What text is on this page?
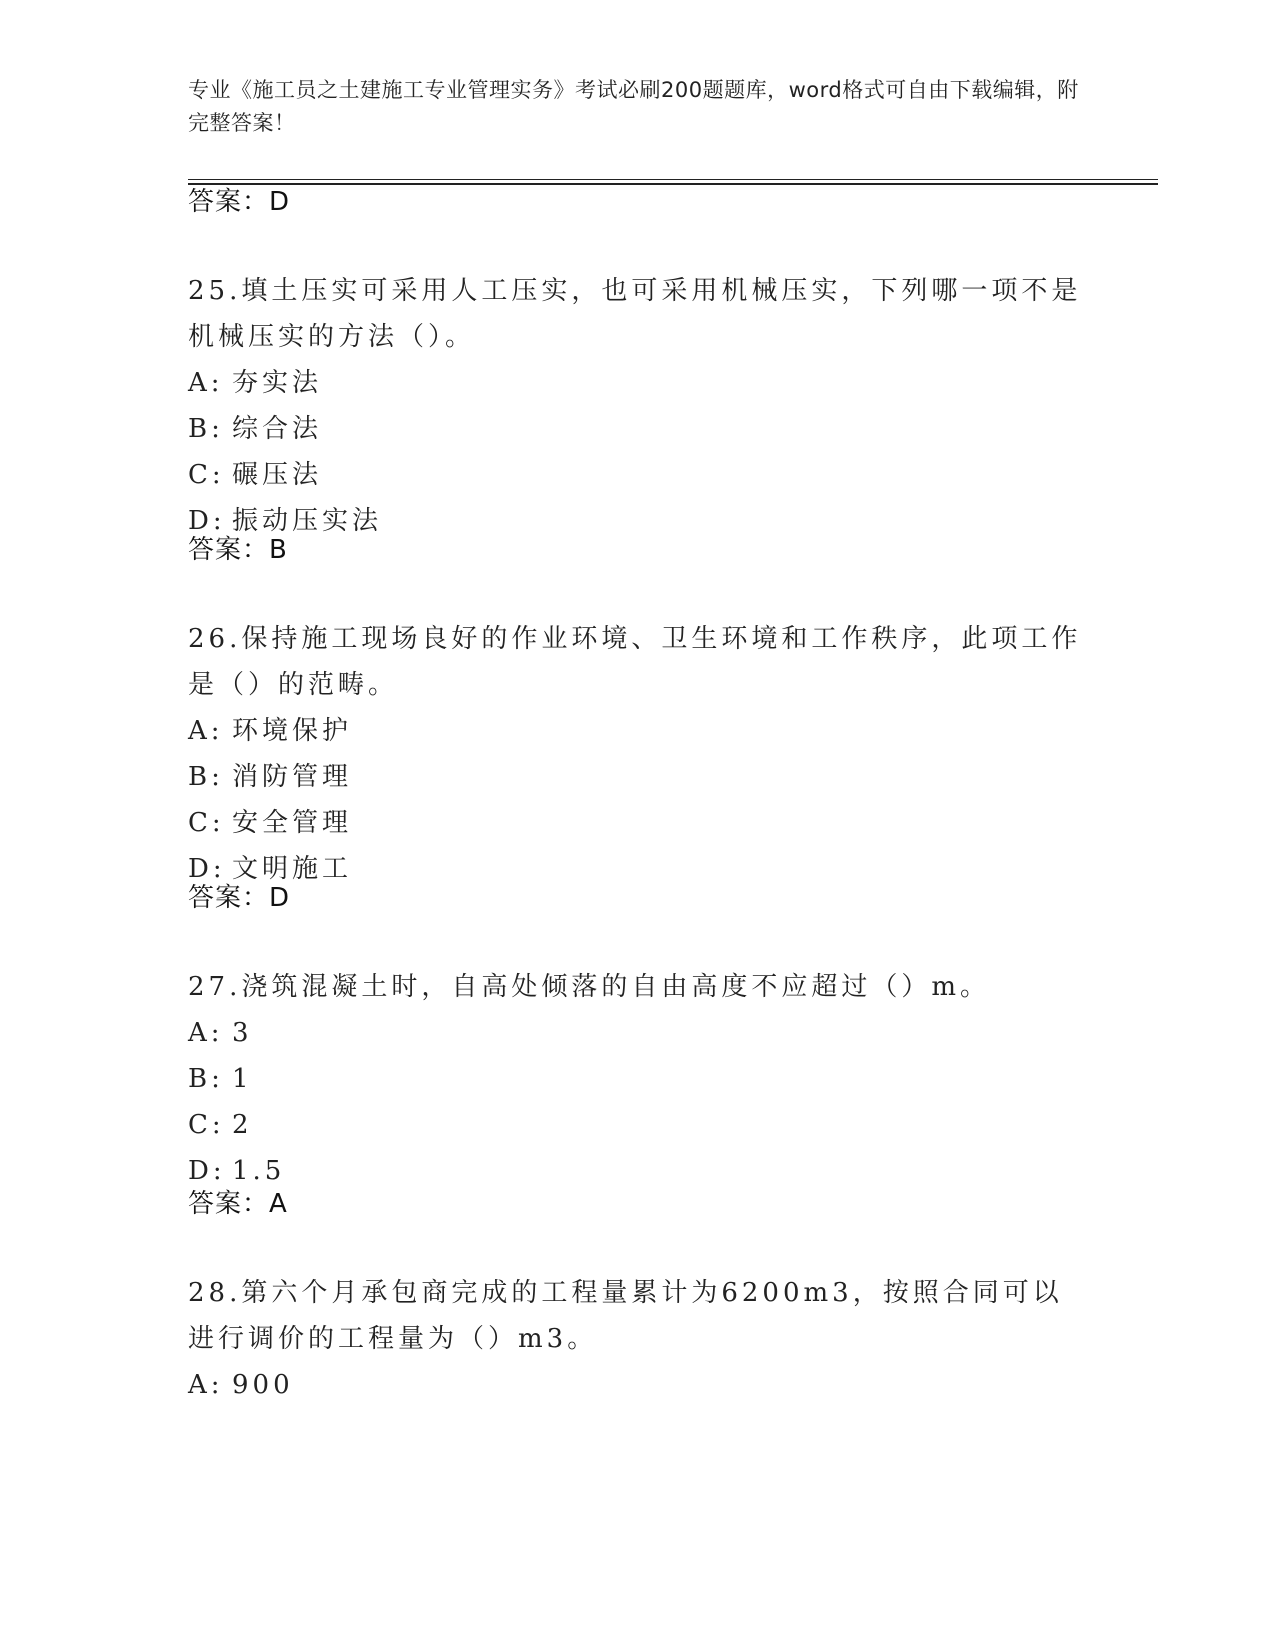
专业《施工员之土建施工专业管理实务》考试必刷200题题库，word格式可自由下载编辑，附完整答案！
答案：D

25.填土压实可采用人工压实，也可采用机械压实，下列哪一项不是机械压实的方法（）。

A: 夯实法

B: 综合法

C: 碾压法

D: 振动压实法

答案：B

26.保持施工现场良好的作业环境、卫生环境和工作秩序，此项工作是（）的范畴。

A: 环境保护

B: 消防管理

C: 安全管理

D: 文明施工

答案：D

27.浇筑混凝土时，自高处倾落的自由高度不应超过（）m。

A: 3

B: 1

C: 2

D: 1.5

答案：A

28.第六个月承包商完成的工程量累计为6200m3，按照合同可以进行调价的工程量为（）m3。

A: 900
